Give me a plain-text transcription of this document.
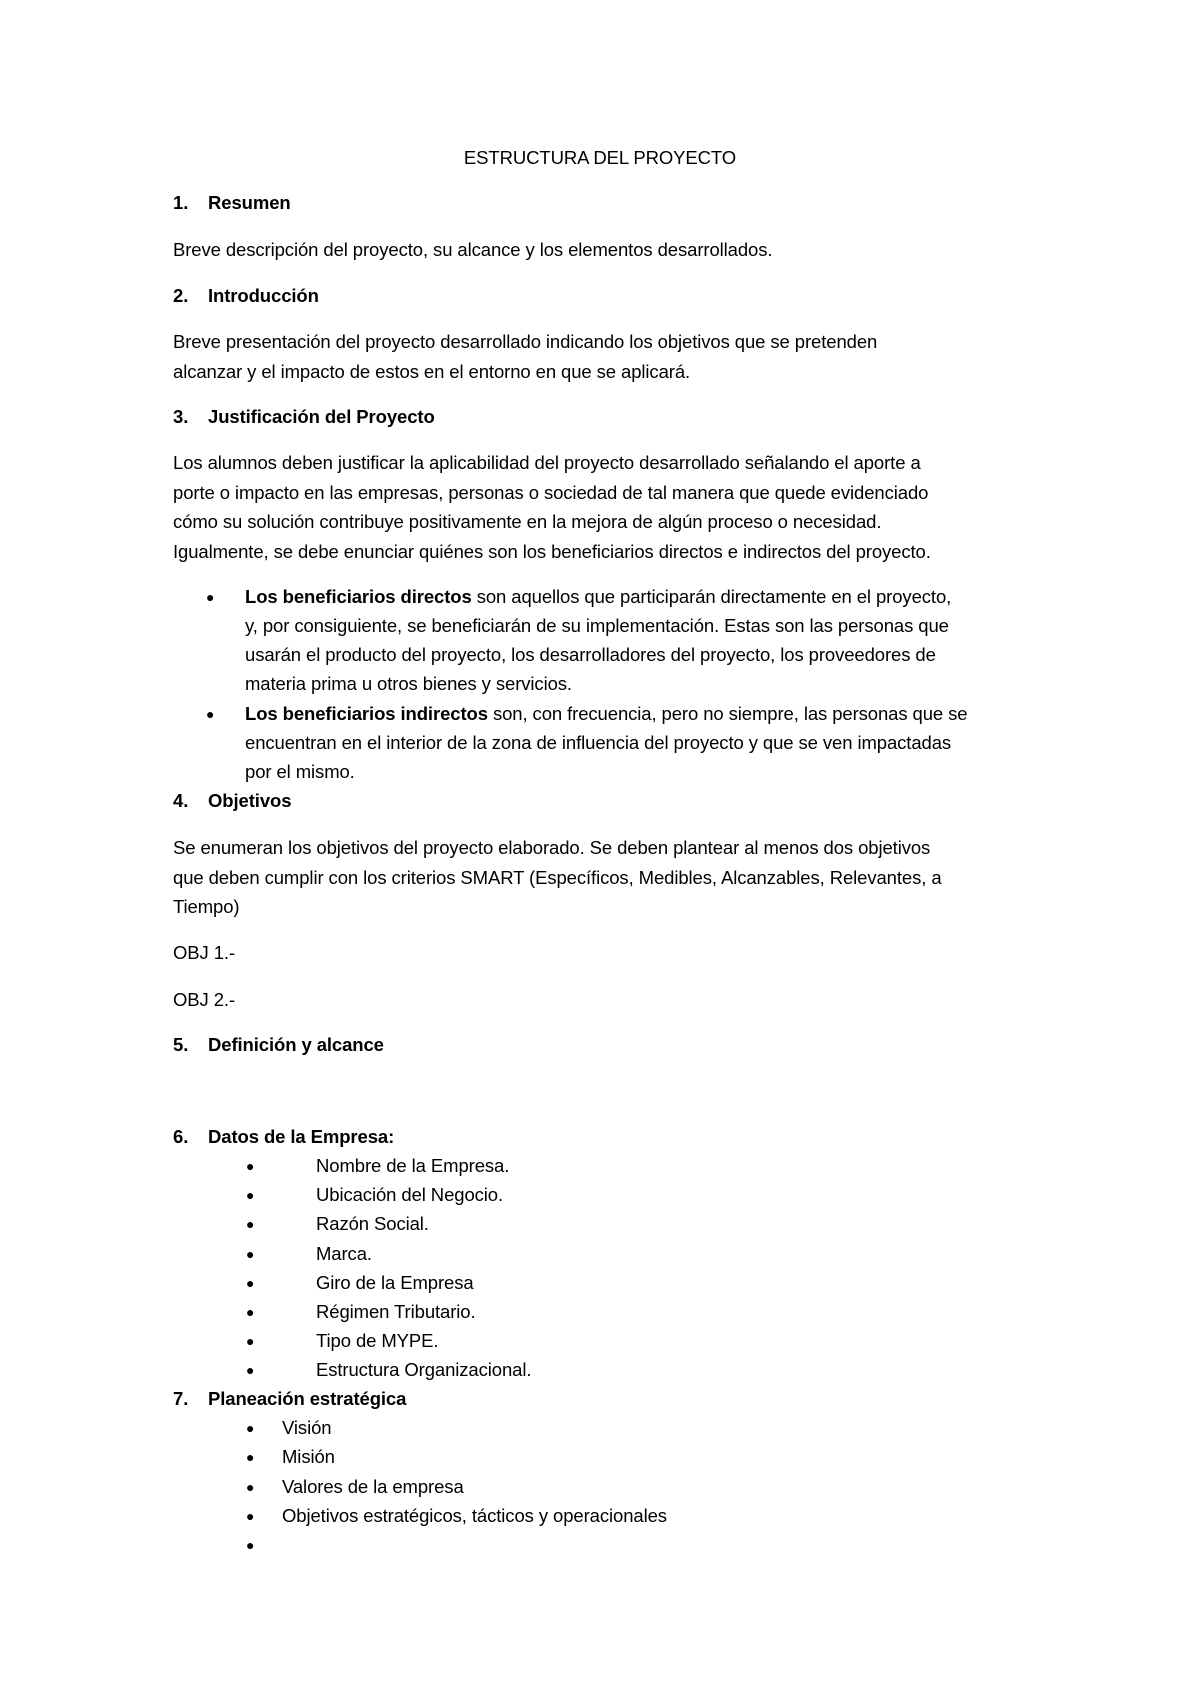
ESTRUCTURA DEL PROYECTO
1. Resumen
Breve descripción del proyecto, su alcance y los elementos desarrollados.
2. Introducción
Breve presentación del proyecto desarrollado indicando los objetivos que se pretenden
alcanzar y el impacto de estos en el entorno en que se aplicará.
3. Justificación del Proyecto
Los alumnos deben justificar la aplicabilidad del proyecto desarrollado señalando el aporte a
porte o impacto en las empresas, personas o sociedad de tal manera que quede evidenciado
cómo su solución contribuye positivamente en la mejora de algún proceso o necesidad.
Igualmente, se debe enunciar quiénes son los beneficiarios directos e indirectos del proyecto.
● Los beneficiarios directos son aquellos que participarán directamente en el proyecto,
y, por consiguiente, se beneficiarán de su implementación. Estas son las personas que
usarán el producto del proyecto, los desarrolladores del proyecto, los proveedores de
materia prima u otros bienes y servicios.
● Los beneficiarios indirectos son, con frecuencia, pero no siempre, las personas que se
encuentran en el interior de la zona de influencia del proyecto y que se ven impactadas
por el mismo.
4. Objetivos
Se enumeran los objetivos del proyecto elaborado. Se deben plantear al menos dos objetivos
que deben cumplir con los criterios SMART (Específicos, Medibles, Alcanzables, Relevantes, a
Tiempo)
OBJ 1.-
OBJ 2.-
5. Definición y alcance
6. Datos de la Empresa:
●	Nombre de la Empresa.
●	Ubicación del Negocio.
●	Razón Social.
●	Marca.
●	Giro de la Empresa
●	Régimen Tributario.
●	Tipo de MYPE.
●	Estructura Organizacional.
7. Planeación estratégica
● Visión
● Misión
● Valores de la empresa
● Objetivos estratégicos, tácticos y operacionales
●
